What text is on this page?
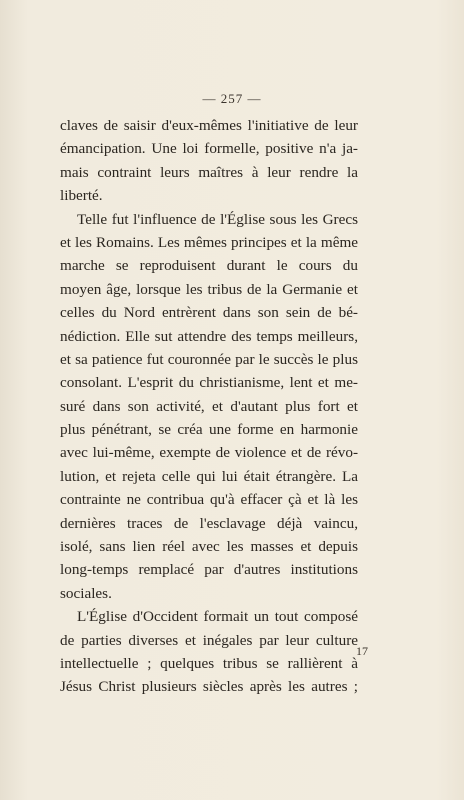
— 257 —
claves de saisir d'eux-mêmes l'initiative de leur
émancipation. Une loi formelle, positive n'a ja-
mais contraint leurs maîtres à leur rendre la
liberté.
Telle fut l'influence de l'Église sous les Grecs
et les Romains. Les mêmes principes et la même
marche se reproduisent durant le cours du
moyen âge, lorsque les tribus de la Germanie et
celles du Nord entrèrent dans son sein de bé-
nédiction. Elle sut attendre des temps meilleurs,
et sa patience fut couronnée par le succès le plus
consolant. L'esprit du christianisme, lent et me-
suré dans son activité, et d'autant plus fort et
plus pénétrant, se créa une forme en harmonie
avec lui-même, exempte de violence et de révo-
lution, et rejeta celle qui lui était étrangère. La
contrainte ne contribua qu'à effacer çà et là les
dernières traces de l'esclavage déjà vaincu,
isolé, sans lien réel avec les masses et depuis
long-temps remplacé par d'autres institutions
sociales.
L'Église d'Occident formait un tout composé
de parties diverses et inégales par leur culture
intellectuelle ; quelques tribus se rallièrent à
Jésus Christ plusieurs siècles après les autres ;
17
